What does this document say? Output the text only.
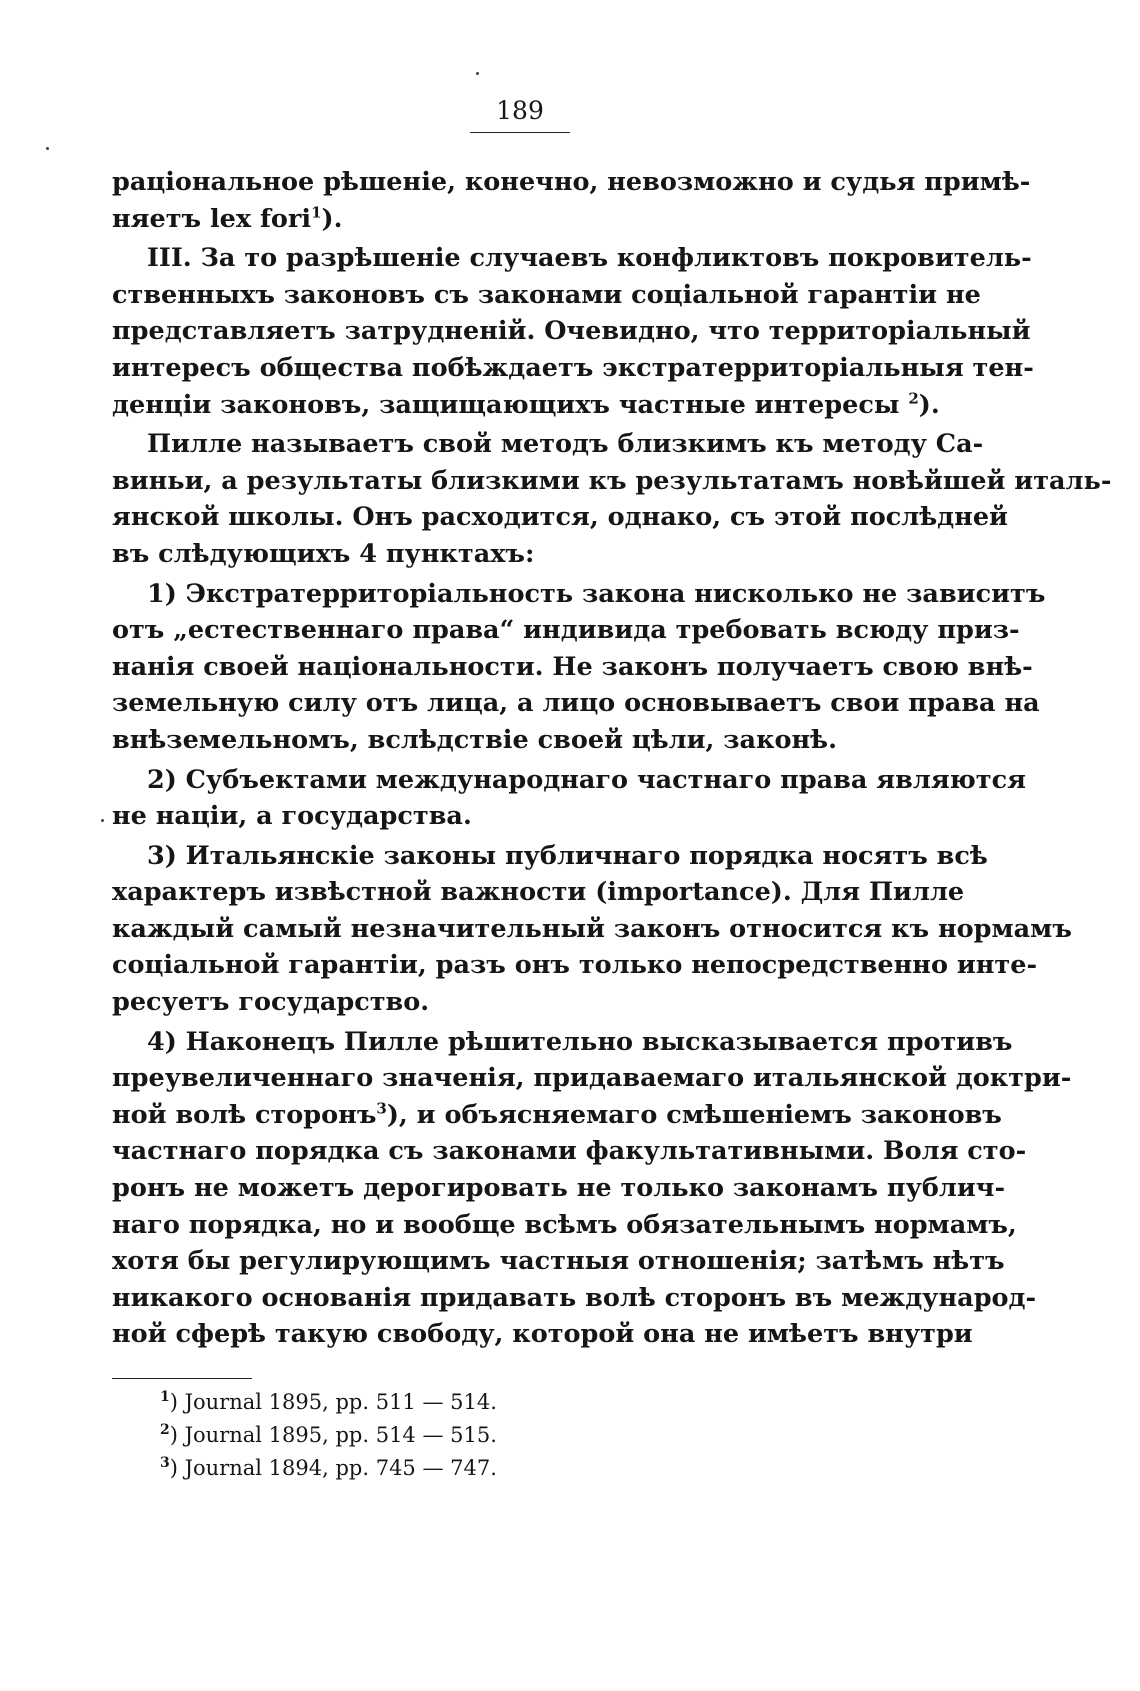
189
раціональное рѣшеніе, конечно, невозможно и судья примѣ-
няетъ lex fori$^1$).
III. За то разрѣшеніе случаевъ конфликтовъ покровитель-
ственныхъ законовъ съ законами соціальной гарантіи не
представляетъ затрудненій. Очевидно, что территоріальный
интересъ общества побѣждаетъ экстратерриторіальныя тен-
денціи законовъ, защищающихъ частные интересы $^2$).
Пилле называетъ свой методъ близкимъ къ методу Са-
виньи, а результаты близкими къ результатамъ новѣйшей италь-
янской школы. Онъ расходится, однако, съ этой послѣдней
въ слѣдующихъ 4 пунктахъ:
1) Экстратерриторіальность закона нисколько не зависитъ
отъ „естественнаго права“ индивида требовать всюду приз-
нанія своей національности. Не законъ получаетъ свою внѣ-
земельную силу отъ лица, а лицо основываетъ свои права на
внѣземельномъ, вслѣдствіе своей цѣли, законѣ.
2) Субъектами международнаго частнаго права являются
не націи, а государства.
3) Итальянскіе законы публичнаго порядка носятъ всѣ
характеръ извѣстной важности (importance). Для Пилле
каждый самый незначительный законъ относится къ нормамъ
соціальной гарантіи, разъ онъ только непосредственно инте-
ресуетъ государство.
4) Наконецъ Пилле рѣшительно высказывается противъ
преувеличеннаго значенія, придаваемаго итальянской доктри-
ной волѣ сторонъ$^3$), и объясняемаго смѣшеніемъ законовъ
частнаго порядка съ законами факультативными. Воля сто-
ронъ не можетъ дерогировать не только законамъ публич-
наго порядка, но и вообще всѣмъ обязательнымъ нормамъ,
хотя бы регулирующимъ частныя отношенія; затѣмъ нѣтъ
никакого основанія придавать волѣ сторонъ въ международ-
ной сферѣ такую свободу, которой она не имѣетъ внутри
$^1$) Journal 1895, pp. 511 — 514.
$^2$) Journal 1895, pp. 514 — 515.
$^3$) Journal 1894, pp. 745 — 747.
